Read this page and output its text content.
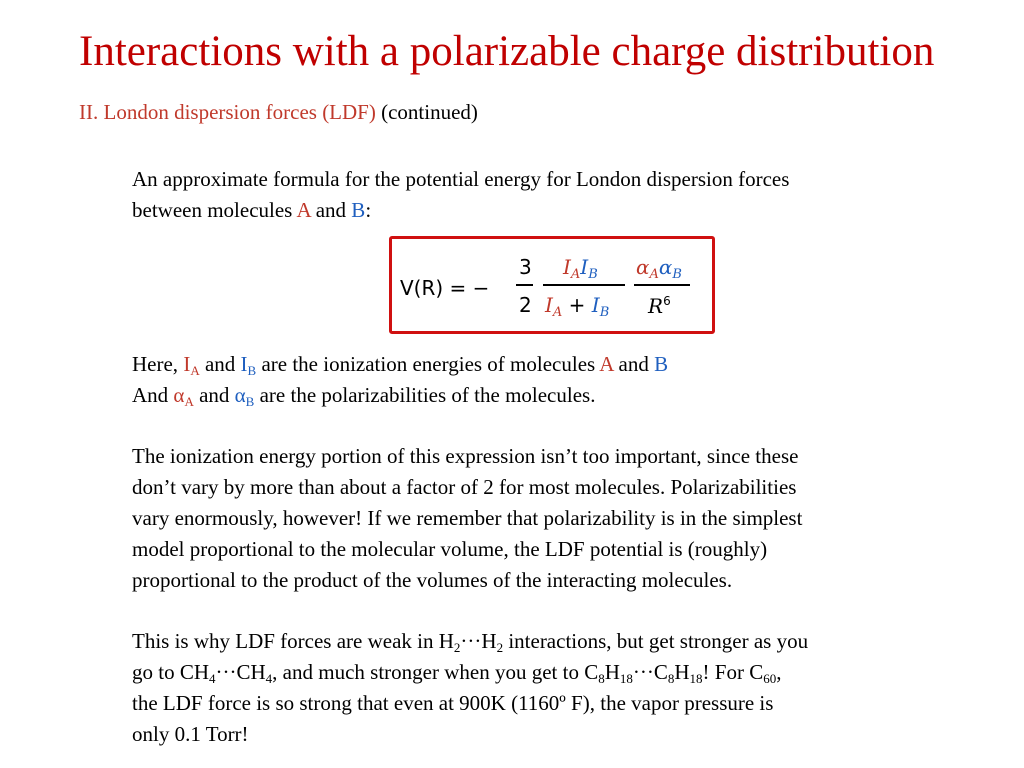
Interactions with a polarizable charge distribution
II. London dispersion forces (LDF) (continued)

An approximate formula for the potential energy for London dispersion forces

between molecules A and B:

V(R) = −
3
2
$I_AI_B$
$I_A + I_B$
$\alpha_A\alpha_B$
$R^6$

Here, $I_A$ and $I_B$ are the ionization energies of molecules A and B

And $\alpha_A$ and $\alpha_B$ are the polarizabilities of the molecules.

The ionization energy portion of this expression isn’t too important, since these

don’t vary by more than about a factor of 2 for most molecules. Polarizabilities

vary enormously, however! If we remember that polarizability is in the simplest

model proportional to the molecular volume, the LDF potential is (roughly)

proportional to the product of the volumes of the interacting molecules.

This is why LDF forces are weak in $H_2\cdot\cdot\cdot H_2$ interactions, but get stronger as you

go to $CH_4\cdot\cdot\cdot CH_4$, and much stronger when you get to $C_8H_{18}\cdot\cdot\cdot C_8H_{18}$! For $C_{60}$,

the LDF force is so strong that even at 900K (1160º F), the vapor pressure is

only 0.1 Torr!
